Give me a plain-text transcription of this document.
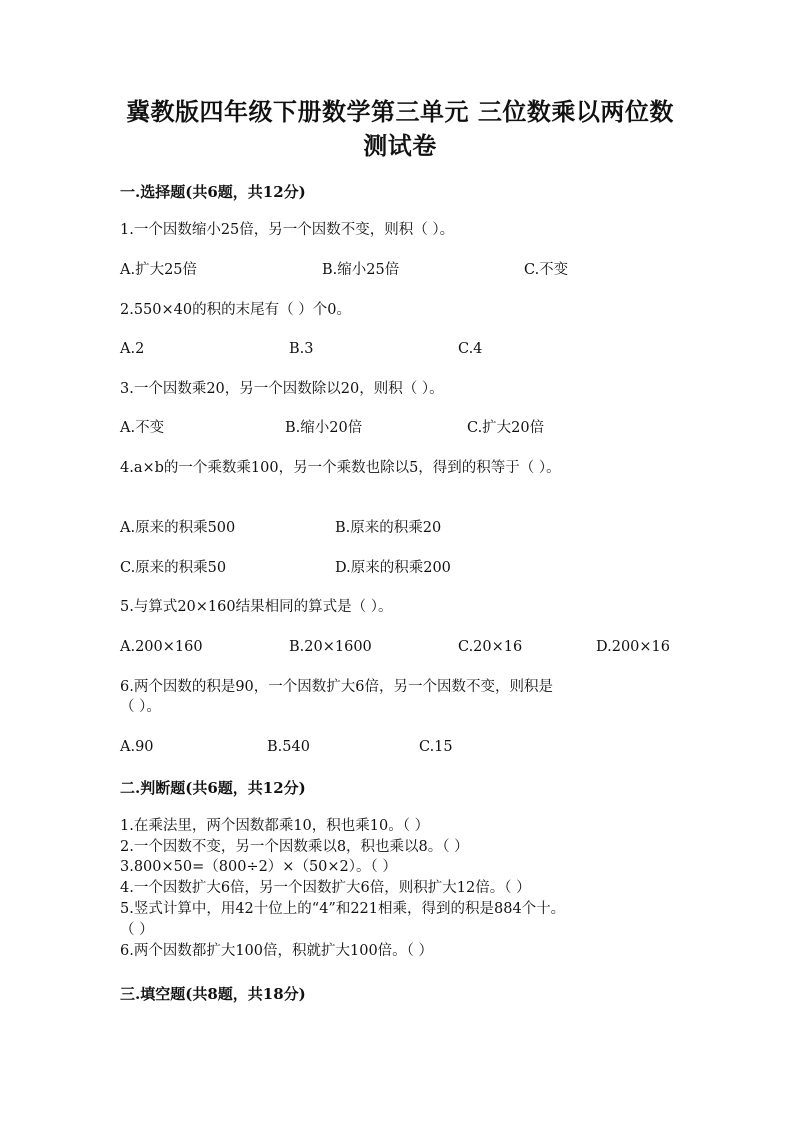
冀教版四年级下册数学第三单元 三位数乘以两位数
测试卷
一.选择题(共6题，共12分)
1.一个因数缩小25倍，另一个因数不变，则积（ ）。
A.扩大25倍	B.缩小25倍	C.不变
2.550×40的积的末尾有（ ）个0。
A.2	B.3	C.4
3.一个因数乘20，另一个因数除以20，则积（ ）。
A.不变	B.缩小20倍	C.扩大20倍
4.a×b的一个乘数乘100，另一个乘数也除以5，得到的积等于（ ）。
A.原来的积乘500	B.原来的积乘20
C.原来的积乘50	D.原来的积乘200
5.与算式20×160结果相同的算式是（ ）。
A.200×160	B.20×1600	C.20×16	D.200×16
6.两个因数的积是90，一个因数扩大6倍，另一个因数不变，则积是
（ ）。
A.90	B.540	C.15
二.判断题(共6题，共12分)
1.在乘法里，两个因数都乘10，积也乘10。（ ）
2.一个因数不变，另一个因数乘以8，积也乘以8。（ ）
3.800×50=（800÷2）×（50×2）。（ ）
4.一个因数扩大6倍，另一个因数扩大6倍，则积扩大12倍。（ ）
5.竖式计算中，用42十位上的“4”和221相乘，得到的积是884个十。
（ ）
6.两个因数都扩大100倍，积就扩大100倍。（ ）
三.填空题(共8题，共18分)
